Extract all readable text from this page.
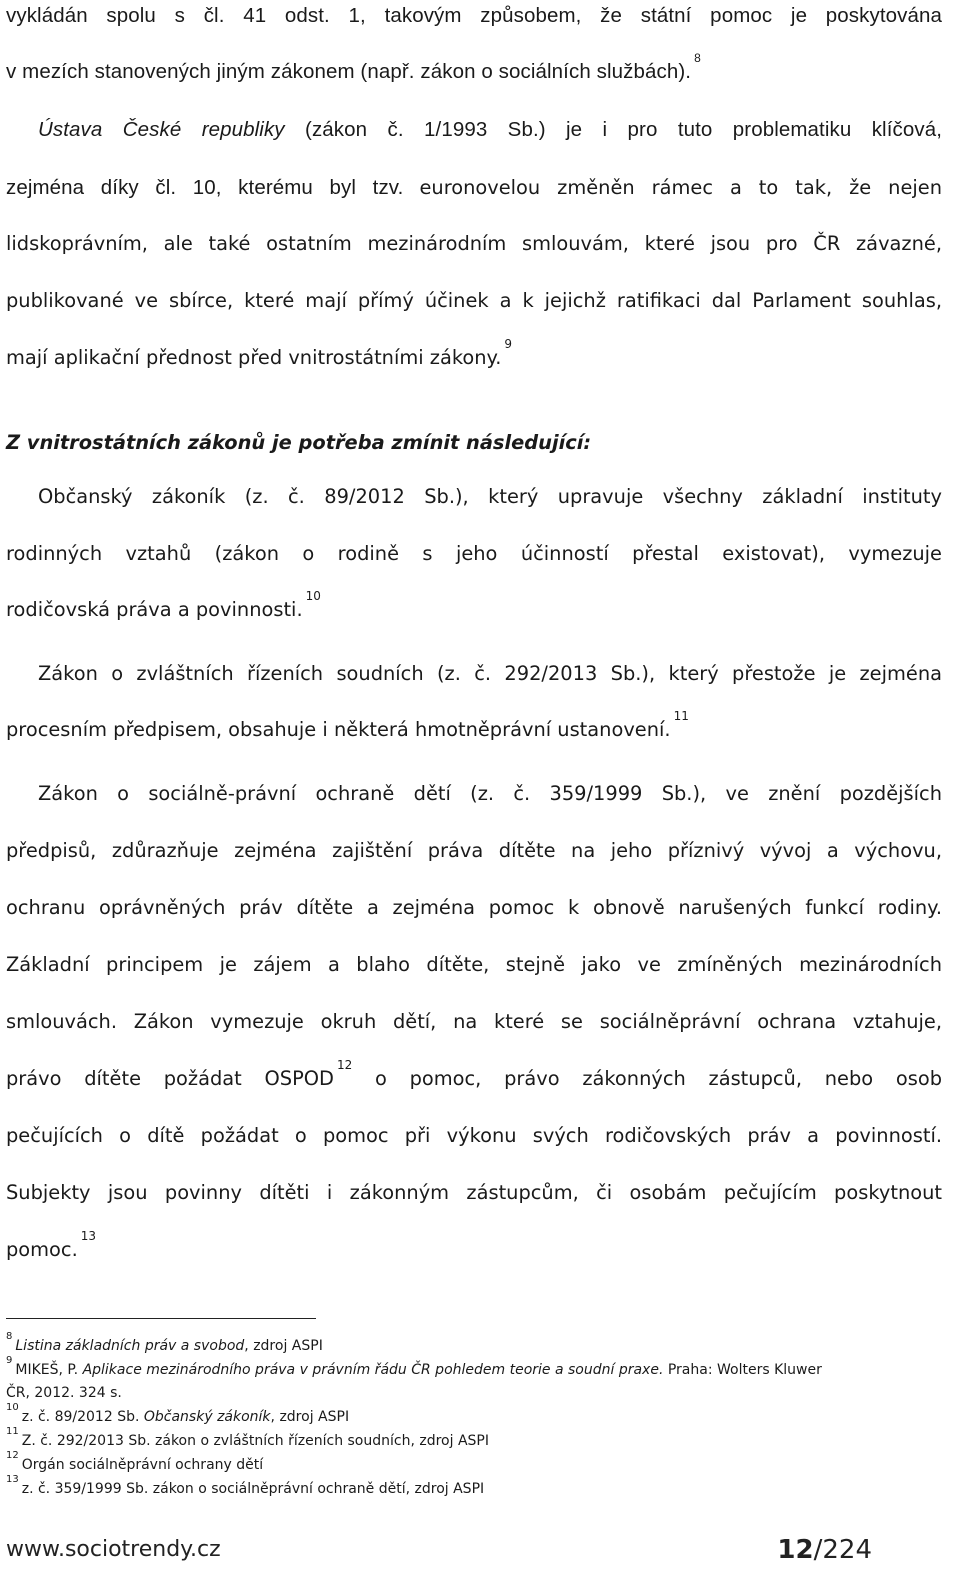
vykládán spolu s čl. 41 odst. 1, takovým způsobem, že státní pomoc je poskytována
v mezích stanovených jiným zákonem (např. zákon o sociálních službách).$^8$
Ústava České republiky (zákon č. 1/1993 Sb.) je i pro tuto problematiku klíčová,
zejména díky čl. 10, kterému byl tzv. euronovelou změněn rámec a to tak, že nejen
lidskoprávním, ale také ostatním mezinárodním smlouvám, které jsou pro ČR závazné,
publikované ve sbírce, které mají přímý účinek a k jejichž ratifikaci dal Parlament souhlas,
mají aplikační přednost před vnitrostátními zákony.$^9$
Z vnitrostátních zákonů je potřeba zmínit následující:
Občanský zákoník (z. č. 89/2012 Sb.), který upravuje všechny základní instituty
rodinných vztahů (zákon o rodině s jeho účinností přestal existovat), vymezuje
rodičovská práva a povinnosti.$^{10}$
Zákon o zvláštních řízeních soudních (z. č. 292/2013 Sb.), který přestože je zejména
procesním předpisem, obsahuje i některá hmotněprávní ustanovení.$^{11}$
Zákon o sociálně-právní ochraně dětí (z. č. 359/1999 Sb.), ve znění pozdějších
předpisů, zdůrazňuje zejména zajištění práva dítěte na jeho příznivý vývoj a výchovu,
ochranu oprávněných práv dítěte a zejména pomoc k obnově narušených funkcí rodiny.
Základní principem je zájem a blaho dítěte, stejně jako ve zmíněných mezinárodních
smlouvách. Zákon vymezuje okruh dětí, na které se sociálněprávní ochrana vztahuje,
právo dítěte požádat OSPOD$^{12}$ o pomoc, právo zákonných zástupců, nebo osob
pečujících o dítě požádat o pomoc při výkonu svých rodičovských práv a povinností.
Subjekty jsou povinny dítěti i zákonným zástupcům, či osobám pečujícím poskytnout
pomoc.$^{13}$
$^8$Listina základních práv a svobod, zdroj ASPI
$^9$MIKEŠ, P. Aplikace mezinárodního práva v právním řádu ČR pohledem teorie a soudní praxe. Praha: Wolters Kluwer
ČR, 2012. 324 s.
$^{10}$z. č. 89/2012 Sb. Občanský zákoník, zdroj ASPI
$^{11}$Z. č. 292/2013 Sb. zákon o zvláštních řízeních soudních, zdroj ASPI
$^{12}$Orgán sociálněprávní ochrany dětí
$^{13}$z. č. 359/1999 Sb. zákon o sociálněprávní ochraně dětí, zdroj ASPI
www.sociotrendy.cz	12/224
